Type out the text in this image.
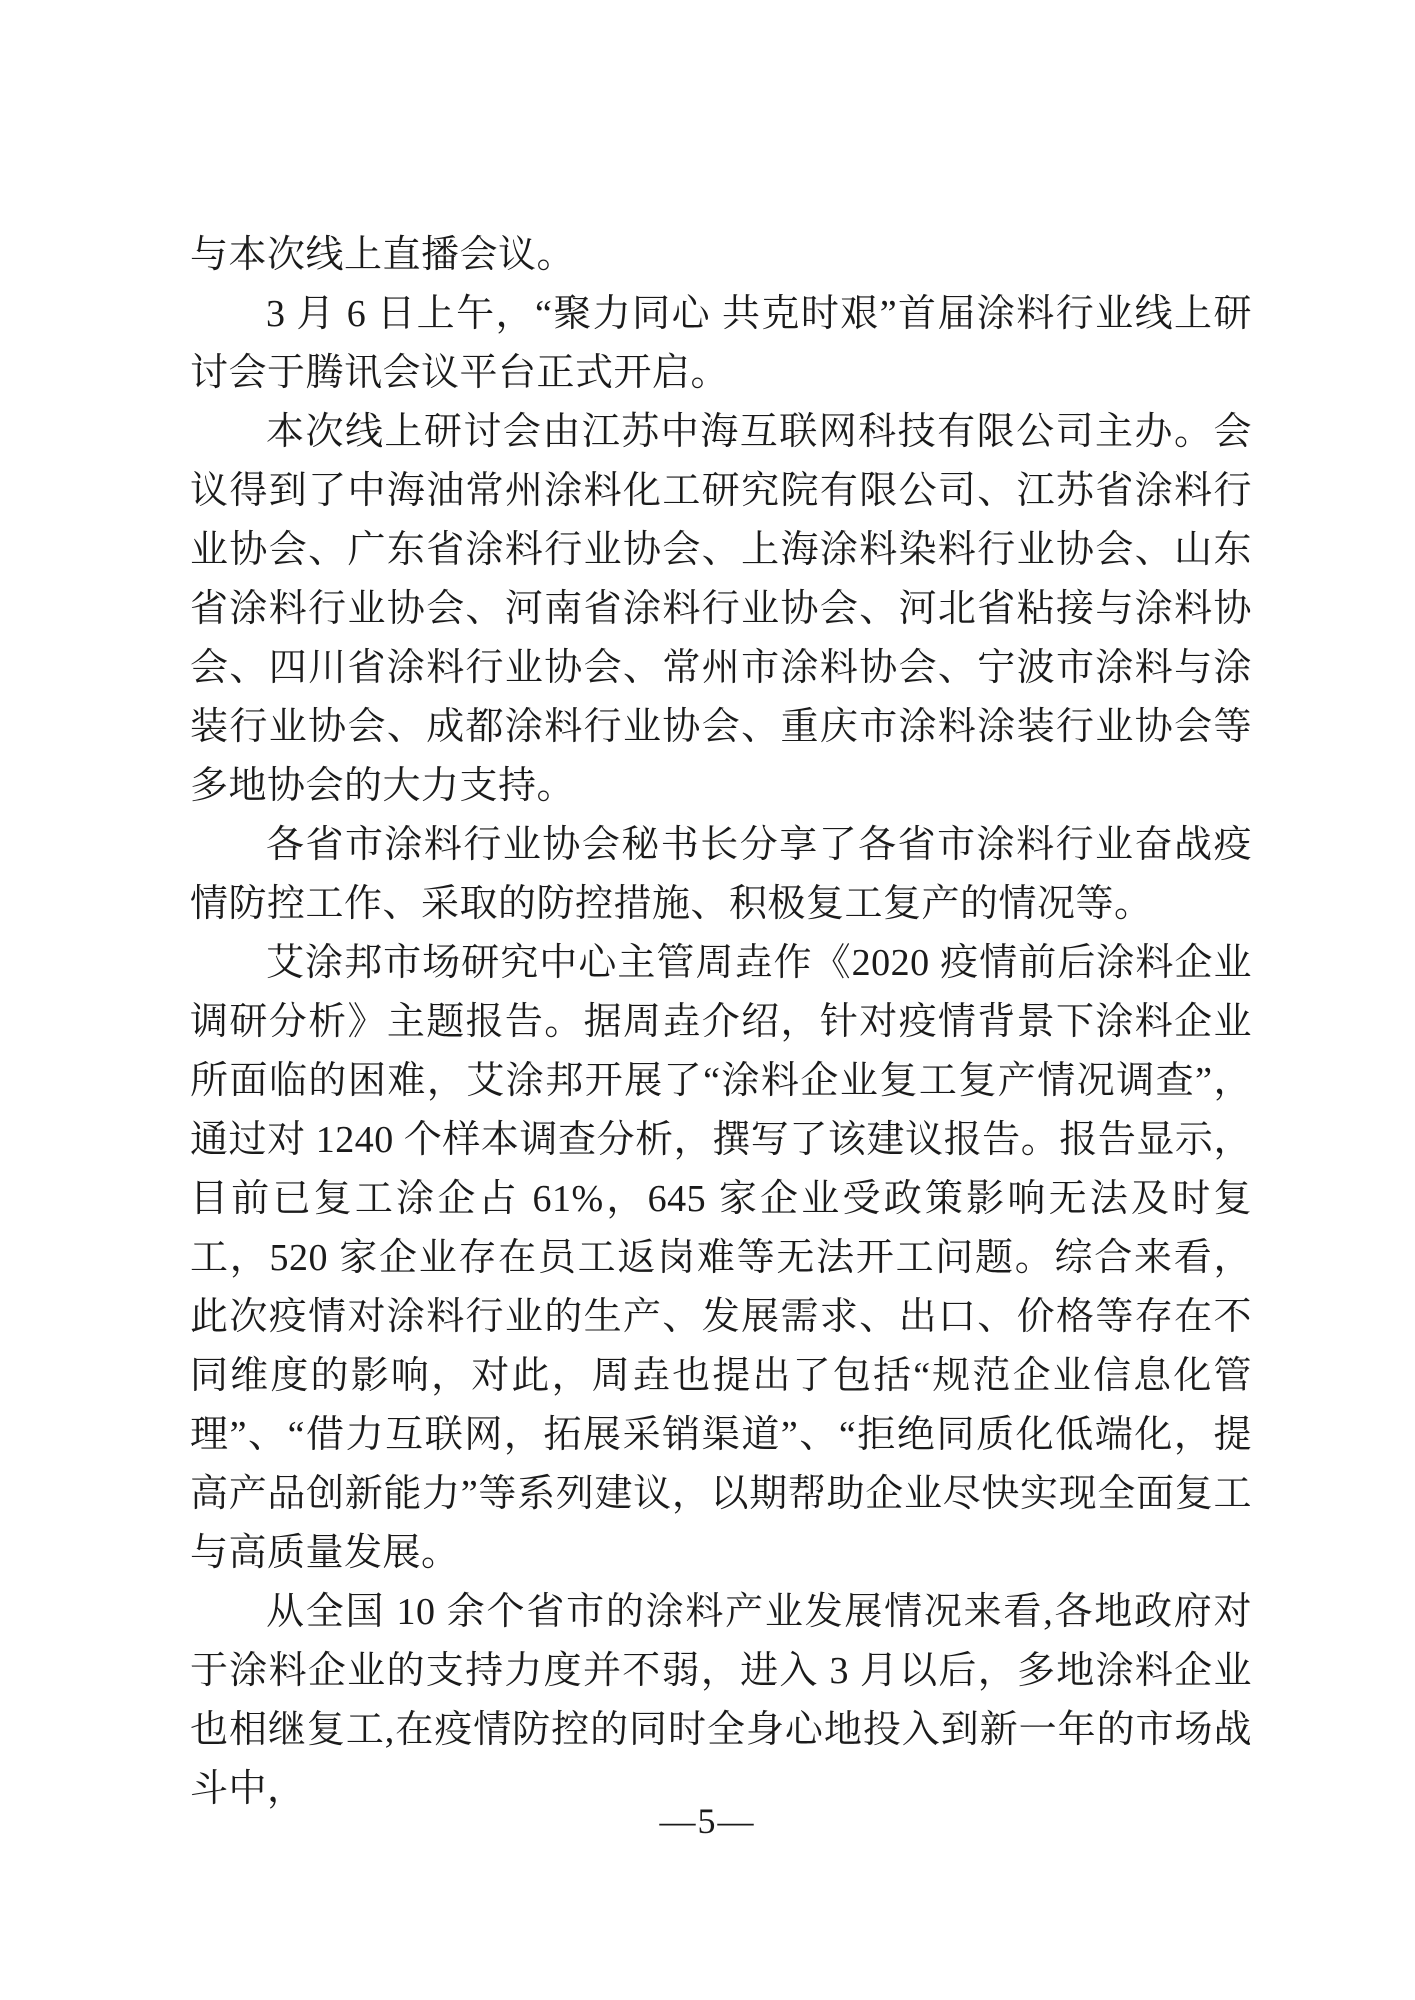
与本次线上直播会议。

3 月 6 日上午，“聚力同心 共克时艰”首届涂料行业线上研讨会于腾讯会议平台正式开启。

本次线上研讨会由江苏中海互联网科技有限公司主办。会议得到了中海油常州涂料化工研究院有限公司、江苏省涂料行业协会、广东省涂料行业协会、上海涂料染料行业协会、山东省涂料行业协会、河南省涂料行业协会、河北省粘接与涂料协会、四川省涂料行业协会、常州市涂料协会、宁波市涂料与涂装行业协会、成都涂料行业协会、重庆市涂料涂装行业协会等多地协会的大力支持。

各省市涂料行业协会秘书长分享了各省市涂料行业奋战疫情防控工作、采取的防控措施、积极复工复产的情况等。

艾涂邦市场研究中心主管周垚作《2020 疫情前后涂料企业调研分析》主题报告。据周垚介绍，针对疫情背景下涂料企业所面临的困难，艾涂邦开展了“涂料企业复工复产情况调查”，通过对 1240 个样本调查分析，撰写了该建议报告。报告显示，目前已复工涂企占 61%，645 家企业受政策影响无法及时复工，520 家企业存在员工返岗难等无法开工问题。综合来看，此次疫情对涂料行业的生产、发展需求、出口、价格等存在不同维度的影响，对此，周垚也提出了包括“规范企业信息化管理”、“借力互联网，拓展采销渠道”、“拒绝同质化低端化，提高产品创新能力”等系列建议，以期帮助企业尽快实现全面复工与高质量发展。

从全国 10 余个省市的涂料产业发展情况来看,各地政府对于涂料企业的支持力度并不弱，进入 3 月以后，多地涂料企业也相继复工,在疫情防控的同时全身心地投入到新一年的市场战斗中，

—5—
